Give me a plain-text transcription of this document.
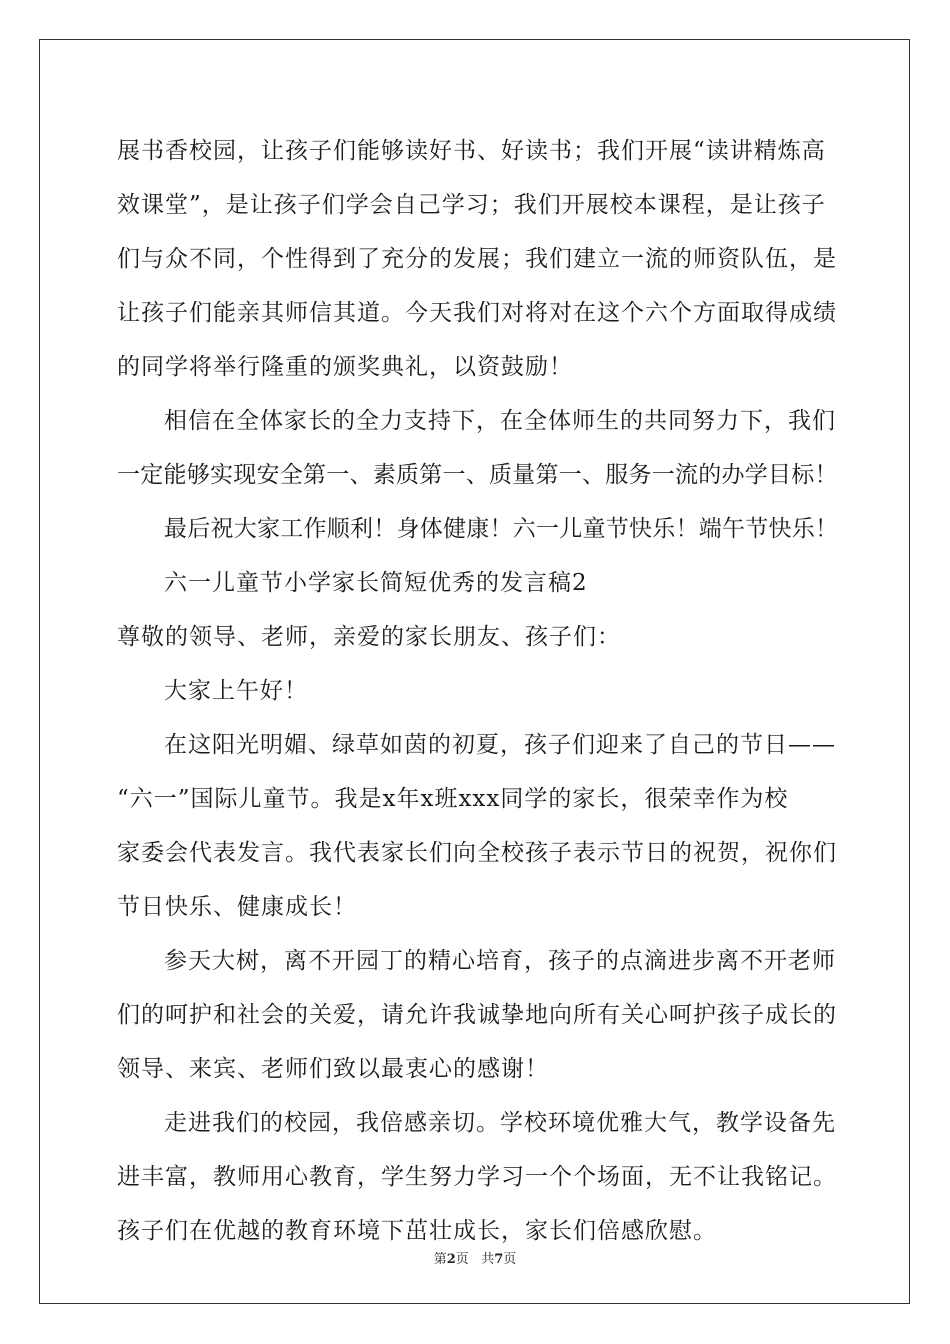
展书香校园，让孩子们能够读好书、好读书；我们开展“读讲精炼高
效课堂”，是让孩子们学会自己学习；我们开展校本课程，是让孩子
们与众不同，个性得到了充分的发展；我们建立一流的师资队伍，是
让孩子们能亲其师信其道。今天我们对将对在这个六个方面取得成绩
的同学将举行隆重的颁奖典礼，以资鼓励！
相信在全体家长的全力支持下，在全体师生的共同努力下，我们
一定能够实现安全第一、素质第一、质量第一、服务一流的办学目标！
最后祝大家工作顺利！身体健康！六一儿童节快乐！端午节快乐！
六一儿童节小学家长简短优秀的发言稿2
尊敬的领导、老师，亲爱的家长朋友、孩子们：
大家上午好！
在这阳光明媚、绿草如茵的初夏，孩子们迎来了自己的节日——
“六一”国际儿童节。我是x年x班xxx同学的家长，很荣幸作为校
家委会代表发言。我代表家长们向全校孩子表示节日的祝贺，祝你们
节日快乐、健康成长！
参天大树，离不开园丁的精心培育，孩子的点滴进步离不开老师
们的呵护和社会的关爱，请允许我诚挚地向所有关心呵护孩子成长的
领导、来宾、老师们致以最衷心的感谢！
走进我们的校园，我倍感亲切。学校环境优雅大气，教学设备先
进丰富，教师用心教育，学生努力学习一个个场面，无不让我铭记。
孩子们在优越的教育环境下茁壮成长，家长们倍感欣慰。
第2页 共7页
